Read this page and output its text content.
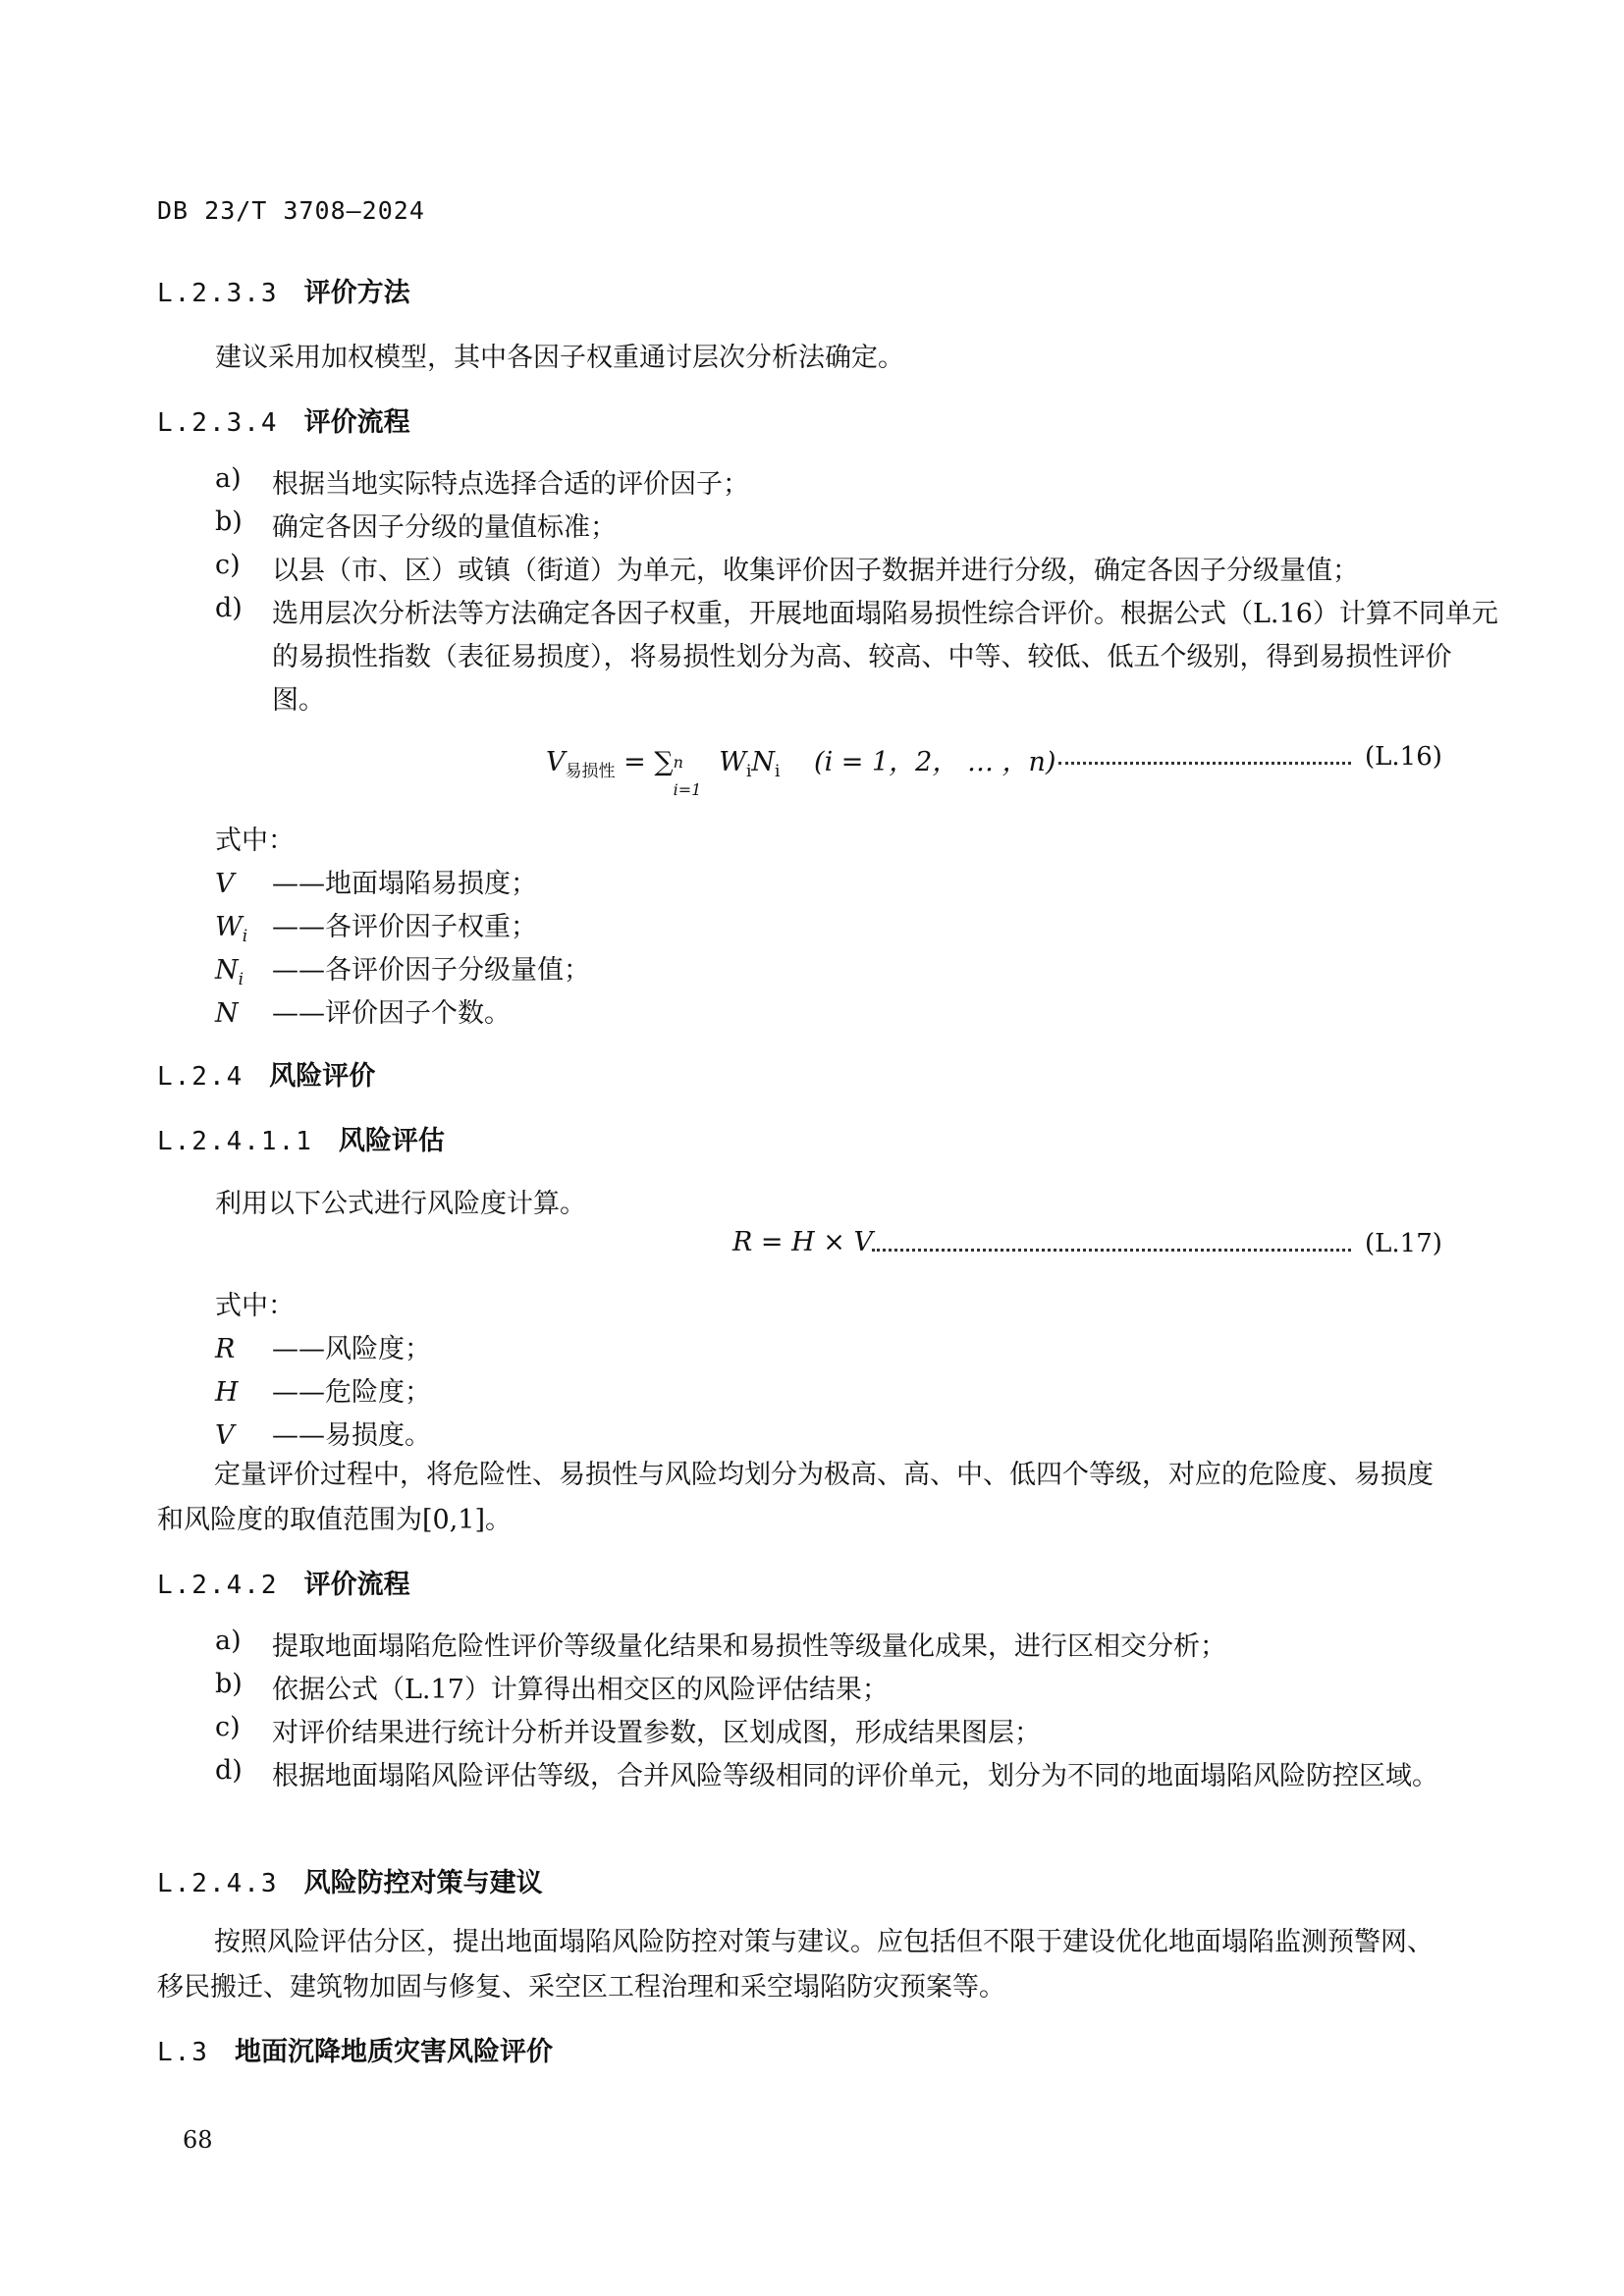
DB 23/T 3708—2024
L.2.3.3 评价方法
建议采用加权模型，其中各因子权重通讨层次分析法确定。
L.2.3.4 评价流程
a) 根据当地实际特点选择合适的评价因子；
b) 确定各因子分级的量值标准；
c) 以县（市、区）或镇（街道）为单元，收集评价因子数据并进行分级，确定各因子分级量值；
d) 选用层次分析法等方法确定各因子权重，开展地面塌陷易损性综合评价。根据公式（L.16）计算不同单元的易损性指数（表征易损度），将易损性划分为高、较高、中等、较低、低五个级别，得到易损性评价图。
$V_{易损性}$ = ∑ n
i=1
$W_iN_i$ (i = 1，2， … ，n)	(L.16)
式中：
V ——地面塌陷易损度；
$W_i$ ——各评价因子权重；
$N_i$ ——各评价因子分级量值；
N ——评价因子个数。
L.2.4 风险评价
L.2.4.1.1 风险评估
利用以下公式进行风险度计算。
R = H × V	(L.17)
式中：
R ——风险度；
H ——危险度；
V ——易损度。
定量评价过程中，将危险性、易损性与风险均划分为极高、高、中、低四个等级，对应的危险度、易损度和风险度的取值范围为[0,1]。
L.2.4.2 评价流程
a) 提取地面塌陷危险性评价等级量化结果和易损性等级量化成果，进行区相交分析；
b) 依据公式（L.17）计算得出相交区的风险评估结果；
c) 对评价结果进行统计分析并设置参数，区划成图，形成结果图层；
d) 根据地面塌陷风险评估等级，合并风险等级相同的评价单元，划分为不同的地面塌陷风险防控区域。
L.2.4.3 风险防控对策与建议
按照风险评估分区，提出地面塌陷风险防控对策与建议。应包括但不限于建设优化地面塌陷监测预警网、移民搬迁、建筑物加固与修复、采空区工程治理和采空塌陷防灾预案等。
L.3 地面沉降地质灾害风险评价
68
